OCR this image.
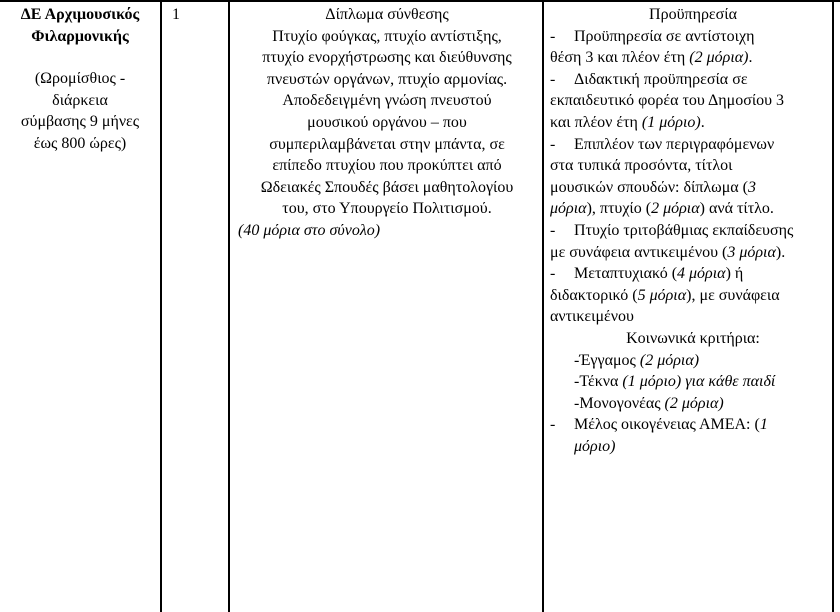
ΔΕ Αρχιμουσικός
Φιλαρμονικής
(Ωρομίσθιος -
διάρκεια
σύμβασης 9 μήνες
έως 800 ώρες)
1	Δίπλωμα σύνθεσης
Πτυχίο φούγκας, πτυχίο αντίστιξης,
πτυχίο ενορχήστρωσης και διεύθυνσης
πνευστών οργάνων, πτυχίο αρμονίας.
Αποδεδειγμένη γνώση πνευστού
μουσικού οργάνου – που
συμπεριλαμβάνεται στην μπάντα, σε
επίπεδο πτυχίου που προκύπτει από
Ωδειακές Σπουδές βάσει μαθητολογίου
του, στο Υπουργείο Πολιτισμού.
(40 μόρια στο σύνολο)
Προϋπηρεσία
- Προϋπηρεσία σε αντίστοιχη
θέση 3 και πλέον έτη (2 μόρια).
- Διδακτική προϋπηρεσία σε
εκπαιδευτικό φορέα του Δημοσίου 3
και πλέον έτη (1 μόριο).
- Επιπλέον των περιγραφόμενων
στα τυπικά προσόντα, τίτλοι
μουσικών σπουδών: δίπλωμα (3
μόρια), πτυχίο (2 μόρια) ανά τίτλο.
- Πτυχίο τριτοβάθμιας εκπαίδευσης
με συνάφεια αντικειμένου (3 μόρια).
- Μεταπτυχιακό (4 μόρια) ή
διδακτορικό (5 μόρια), με συνάφεια
αντικειμένου
Κοινωνικά κριτήρια:
-Έγγαμος (2 μόρια)
-Τέκνα (1 μόριο) για κάθε παιδί
-Μονογονέας (2 μόρια)
- Μέλος οικογένειας ΑΜΕΑ: (1
μόριο)
